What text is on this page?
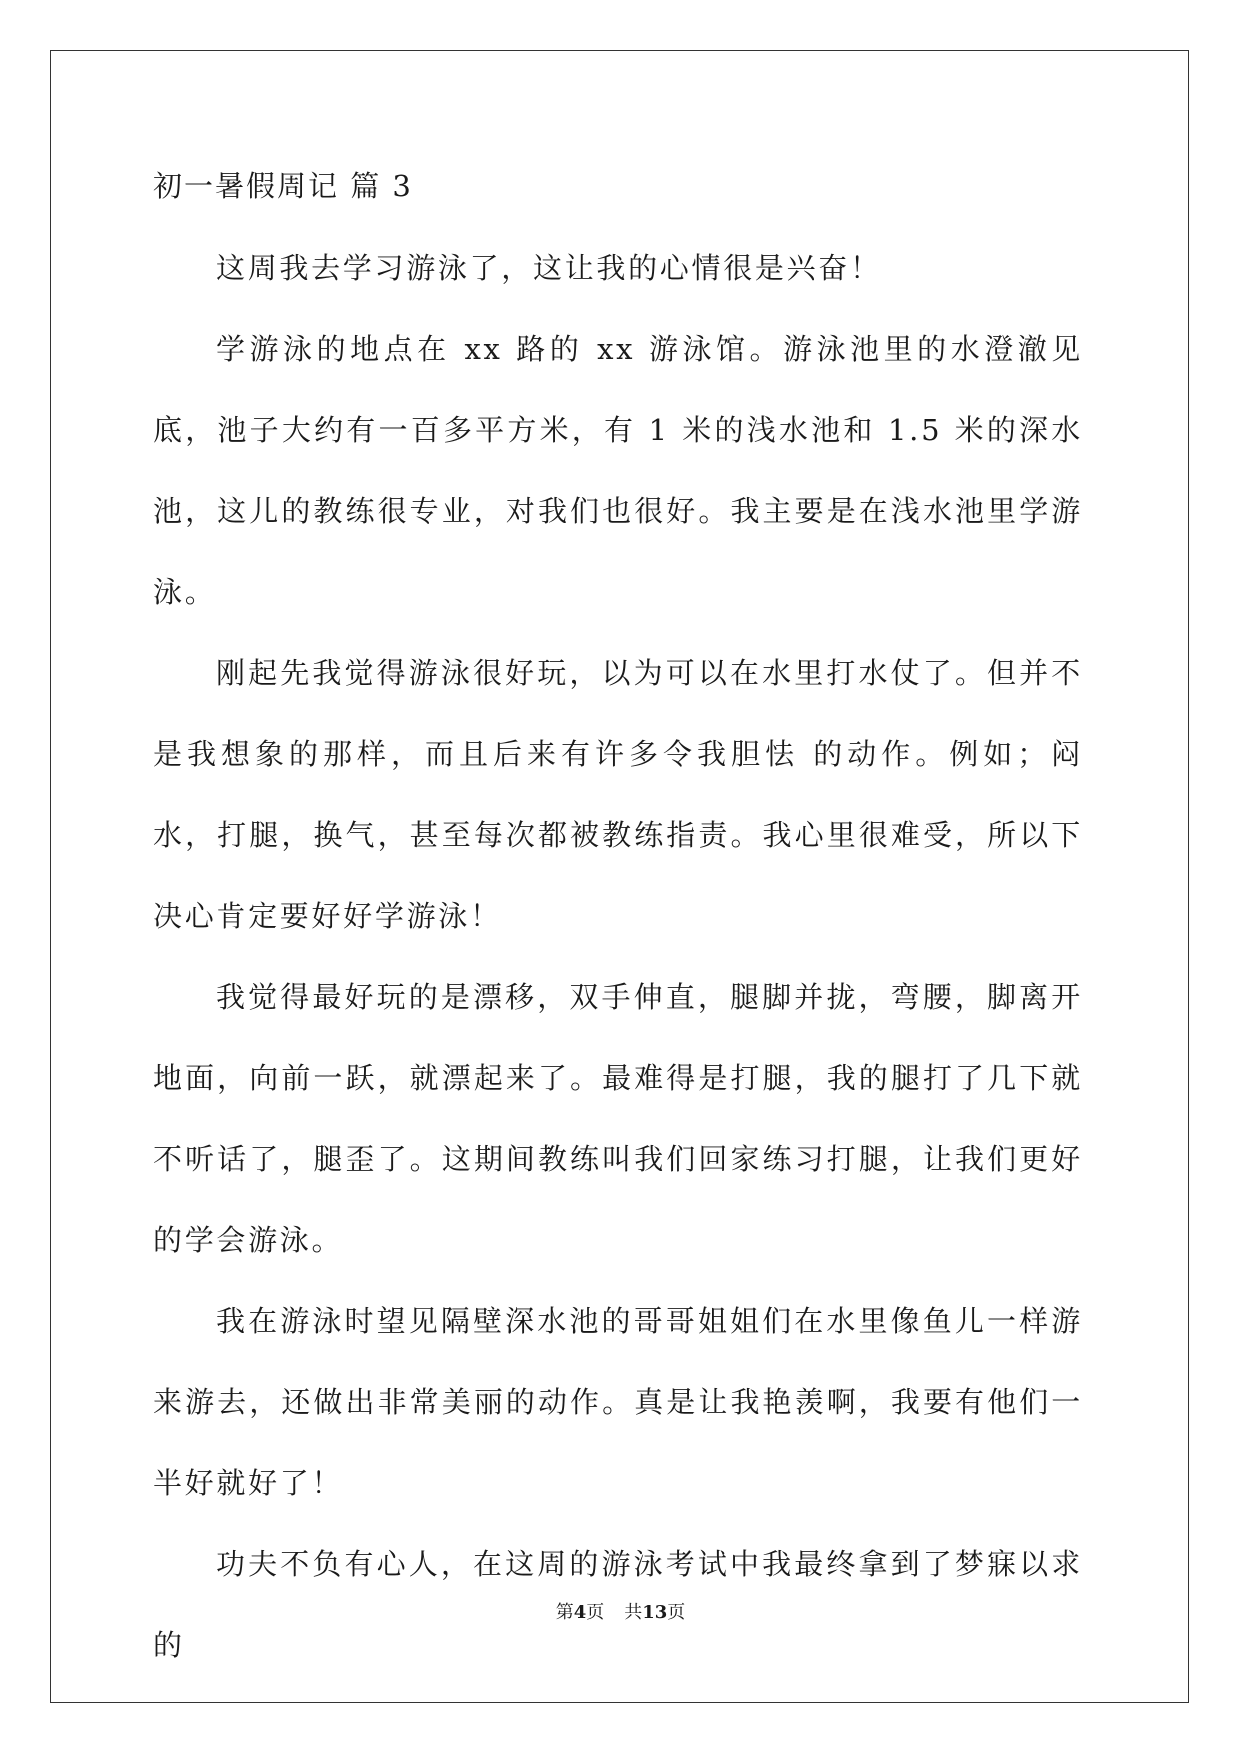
初一暑假周记 篇 3

这周我去学习游泳了，这让我的心情很是兴奋！

学游泳的地点在 xx 路的 xx 游泳馆。游泳池里的水澄澈见底，池子大约有一百多平方米，有 1 米的浅水池和 1.5 米的深水池，这儿的教练很专业，对我们也很好。我主要是在浅水池里学游泳。

刚起先我觉得游泳很好玩，以为可以在水里打水仗了。但并不是我想象的那样，而且后来有许多令我胆怯 的动作。例如；闷水，打腿，换气，甚至每次都被教练指责。我心里很难受，所以下决心肯定要好好学游泳！

我觉得最好玩的是漂移，双手伸直，腿脚并拢，弯腰，脚离开地面，向前一跃，就漂起来了。最难得是打腿，我的腿打了几下就不听话了，腿歪了。这期间教练叫我们回家练习打腿，让我们更好的学会游泳。

我在游泳时望见隔壁深水池的哥哥姐姐们在水里像鱼儿一样游来游去，还做出非常美丽的动作。真是让我艳羡啊，我要有他们一半好就好了！

功夫不负有心人，在这周的游泳考试中我最终拿到了梦寐以求的

第4页 共13页
